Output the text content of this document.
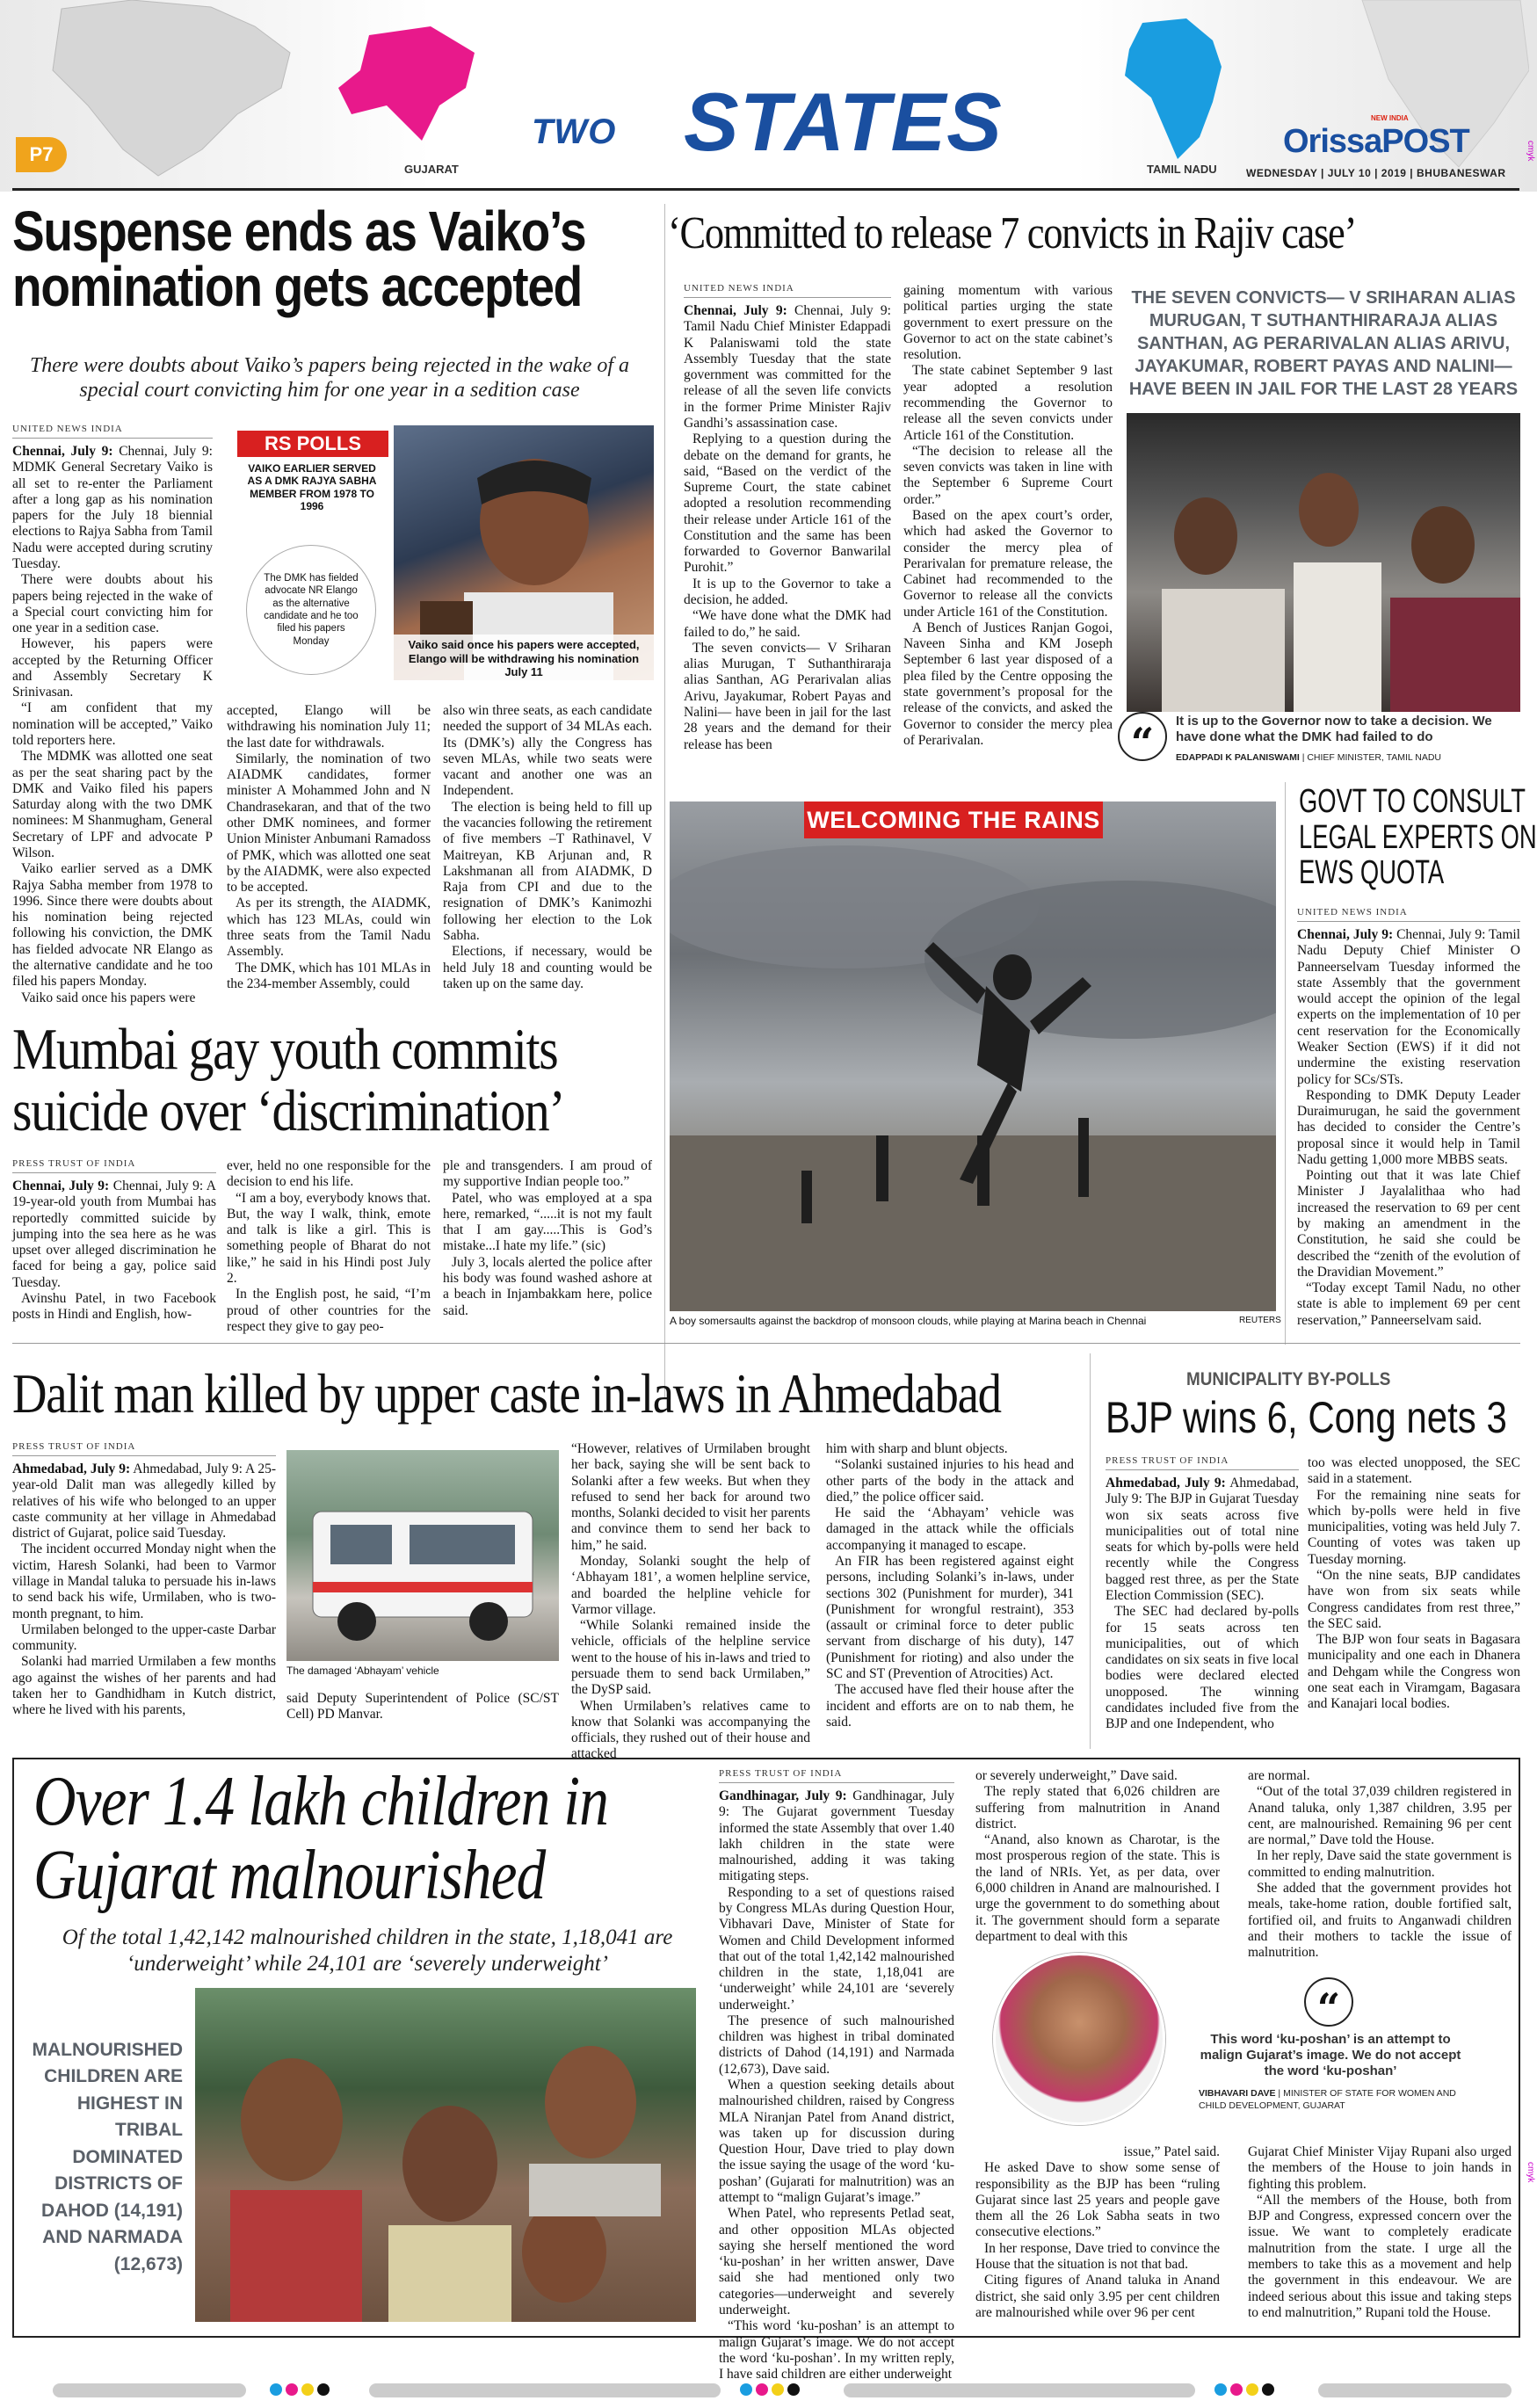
P7
GUJARAT
TWO STATES
TAMIL NADU
NEW INDIA
OrissaPOST
WEDNESDAY | JULY 10 | 2019 | BHUBANESWAR
cmyk
cmyk
Suspense ends as Vaiko’s nomination gets accepted
There were doubts about Vaiko’s papers being rejected in the wake of a special court convicting him for one year in a sedition case
UNITED NEWS INDIA

Chennai, July 9: Chennai, July 9: MDMK General Secretary Vaiko is all set to re-enter the Parliament after a long gap as his nomination papers for the July 18 biennial elections to Rajya Sabha from Tamil Nadu were accepted during scrutiny Tuesday.

There were doubts about his papers being rejected in the wake of a Special court convicting him for one year in a sedition case.

However, his papers were accepted by the Returning Officer and Assembly Secretary K Srinivasan.

“I am confident that my nomination will be accepted,” Vaiko told reporters here.

The MDMK was allotted one seat as per the seat sharing pact by the DMK and Vaiko filed his papers Saturday along with the two DMK nominees: M Shanmugham, General Secretary of LPF and advocate P Wilson.

Vaiko earlier served as a DMK Rajya Sabha member from 1978 to 1996. Since there were doubts about his nomination being rejected following his conviction, the DMK has fielded advocate NR Elango as the alternative candidate and he too filed his papers Monday.

Vaiko said once his papers were

RS POLLS
VAIKO EARLIER SERVED AS A DMK RAJYA SABHA MEMBER FROM 1978 TO 1996
The DMK has fielded advocate NR Elango as the alternative candidate and he too filed his papers Monday	Vaiko said once his papers were accepted, Elango will be withdrawing his nomination July 11

accepted, Elango will be withdrawing his nomination July 11; the last date for withdrawals.

Similarly, the nomination of two AIADMK candidates, former minister A Mohammed John and N Chandrasekaran, and that of the two other DMK nominees, and former Union Minister Anbumani Ramadoss of PMK, which was allotted one seat by the AIADMK, were also expected to be accepted.

As per its strength, the AIADMK, which has 123 MLAs, could win three seats from the Tamil Nadu Assembly.

The DMK, which has 101 MLAs in the 234-member Assembly, could

also win three seats, as each candidate needed the support of 34 MLAs each. Its (DMK’s) ally the Congress has seven MLAs, while two seats were vacant and another one was an Independent.

The election is being held to fill up the vacancies following the retirement of five members –T Rathinavel, V Maitreyan, KB Arjunan and, R Lakshmanan all from AIADMK, D Raja from CPI and due to the resignation of DMK’s Kanimozhi following her election to the Lok Sabha.

Elections, if necessary, would be held July 18 and counting would be taken up on the same day.

‘Committed to release 7 convicts in Rajiv case’
UNITED NEWS INDIA

Chennai, July 9: Chennai, July 9: Tamil Nadu Chief Minister Edappadi K Palaniswami told the state Assembly Tuesday that the state government was committed for the release of all the seven life convicts in the former Prime Minister Rajiv Gandhi’s assassination case.

Replying to a question during the debate on the demand for grants, he said, “Based on the verdict of the Supreme Court, the state cabinet adopted a resolution recommending their release under Article 161 of the Constitution and the same has been forwarded to Governor Banwarilal Purohit.”

It is up to the Governor to take a decision, he added.

“We have done what the DMK had failed to do,” he said.

The seven convicts— V Sriharan alias Murugan, T Suthanthiraraja alias Santhan, AG Perarivalan alias Arivu, Jayakumar, Robert Payas and Nalini— have been in jail for the last 28 years and the demand for their release has been

gaining momentum with various political parties urging the state government to exert pressure on the Governor to act on the state cabinet’s resolution.

The state cabinet September 9 last year adopted a resolution recommending the Governor to release all the seven convicts under Article 161 of the Constitution.

“The decision to release all the seven convicts was taken in line with the September 6 Supreme Court order.”

Based on the apex court’s order, which had asked the Governor to consider the mercy plea of Perarivalan for premature release, the Cabinet had recommended to the Governor to release all the convicts under Article 161 of the Constitution.

A Bench of Justices Ranjan Gogoi, Naveen Sinha and KM Joseph September 6 last year disposed of a plea filed by the Centre opposing the state government’s proposal for the release of the convicts, and asked the Governor to consider the mercy plea of Perarivalan.

THE SEVEN CONVICTS— V SRIHARAN ALIAS MURUGAN, T SUTHANTHIRARAJA ALIAS SANTHAN, AG PERARIVALAN ALIAS ARIVU, JAYAKUMAR, ROBERT PAYAS AND NALINI— HAVE BEEN IN JAIL FOR THE LAST 28 YEARS
“	It is up to the Governor now to take a decision. We have done what the DMK had failed to do
EDAPPADI K PALANISWAMI | CHIEF MINISTER, TAMIL NADU
WELCOMING THE RAINS
A boy somersaults against the backdrop of monsoon clouds, while playing at Marina beach in Chennai	REUTERS
GOVT TO CONSULT LEGAL EXPERTS ON EWS QUOTA
UNITED NEWS INDIA

Chennai, July 9: Chennai, July 9: Tamil Nadu Deputy Chief Minister O Panneerselvam Tuesday informed the state Assembly that the government would accept the opinion of the legal experts on the implementation of 10 per cent reservation for the Economically Weaker Section (EWS) if it did not undermine the existing reservation policy for SCs/STs.

Responding to DMK Deputy Leader Duraimurugan, he said the government has decided to consider the Centre’s proposal since it would help in Tamil Nadu getting 1,000 more MBBS seats.

Pointing out that it was late Chief Minister J Jayalalithaa who had increased the reservation to 69 per cent by making an amendment in the Constitution, he said she could be described the “zenith of the evolution of the Dravidian Movement.”

“Today except Tamil Nadu, no other state is able to implement 69 per cent reservation,” Panneerselvam said.

Mumbai gay youth commits suicide over ‘discrimination’
PRESS TRUST OF INDIA

Chennai, July 9: Chennai, July 9: A 19-year-old youth from Mumbai has reportedly committed suicide by jumping into the sea here as he was upset over alleged discrimination he faced for being a gay, police said Tuesday.

Avinshu Patel, in two Facebook posts in Hindi and English, how-

ever, held no one responsible for the decision to end his life.

“I am a boy, everybody knows that. But, the way I walk, think, emote and talk is like a girl. This is something people of Bharat do not like,” he said in his Hindi post July 2.

In the English post, he said, “I’m proud of other countries for the respect they give to gay peo-

ple and transgenders. I am proud of my supportive Indian people too.”

Patel, who was employed at a spa here, remarked, “.....it is not my fault that I am gay.....This is God’s mistake...I hate my life.” (sic)

July 3, locals alerted the police after his body was found washed ashore at a beach in Injambakkam here, police said.

Dalit man killed by upper caste in-laws in Ahmedabad
PRESS TRUST OF INDIA

Ahmedabad, July 9: Ahmedabad, July 9: A 25-year-old Dalit man was allegedly killed by relatives of his wife who belonged to an upper caste community at her village in Ahmedabad district of Gujarat, police said Tuesday.

The incident occurred Monday night when the victim, Haresh Solanki, had been to Varmor village in Mandal taluka to persuade his in-laws to send back his wife, Urmilaben, who is two-month pregnant, to him.

Urmilaben belonged to the upper-caste Darbar community.

Solanki had married Urmilaben a few months ago against the wishes of her parents and had taken her to Gandhidham in Kutch district, where he lived with his parents,

The damaged ‘Abhayam’ vehicle

said Deputy Superintendent of Police (SC/ST Cell) PD Manvar.

“However, relatives of Urmilaben brought her back, saying she will be sent back to Solanki after a few weeks. But when they refused to send her back for around two months, Solanki decided to visit her parents and convince them to send her back to him,” he said.

Monday, Solanki sought the help of ‘Abhayam 181’, a women helpline service, and boarded the helpline vehicle for Varmor village.

“While Solanki remained inside the vehicle, officials of the helpline service went to the house of his in-laws and tried to persuade them to send back Urmilaben,” the DySP said.

When Urmilaben’s relatives came to know that Solanki was accompanying the officials, they rushed out of their house and attacked

him with sharp and blunt objects.

“Solanki sustained injuries to his head and other parts of the body in the attack and died,” the police officer said.

He said the ‘Abhayam’ vehicle was damaged in the attack while the officials accompanying it managed to escape.

An FIR has been registered against eight persons, including Solanki’s in-laws, under sections 302 (Punishment for murder), 341 (Punishment for wrongful restraint), 353 (assault or criminal force to deter public servant from discharge of his duty), 147 (Punishment for rioting) and also under the SC and ST (Prevention of Atrocities) Act.

The accused have fled their house after the incident and efforts are on to nab them, he said.

MUNICIPALITY BY-POLLS
BJP wins 6, Cong nets 3
PRESS TRUST OF INDIA

Ahmedabad, July 9: Ahmedabad, July 9: The BJP in Gujarat Tuesday won six seats across five municipalities out of total nine seats for which by-polls were held recently while the Congress bagged rest three, as per the State Election Commission (SEC).

The SEC had declared by-polls for 15 seats across ten municipalities, out of which candidates on six seats in five local bodies were declared elected unopposed. The winning candidates included five from the BJP and one Independent, who

too was elected unopposed, the SEC said in a statement.

For the remaining nine seats for which by-polls were held in five municipalities, voting was held July 7. Counting of votes was taken up Tuesday morning.

“On the nine seats, BJP candidates have won from six seats while Congress candidates from rest three,” the SEC said.

The BJP won four seats in Bagasara municipality and one each in Dhanera and Dehgam while the Congress won one seat each in Viramgam, Bagasara and Kanajari local bodies.

Over 1.4 lakh children in
Gujarat malnourished
Of the total 1,42,142 malnourished children in the state, 1,18,041 are ‘underweight’ while 24,101 are ‘severely underweight’
MALNOURISHED CHILDREN ARE HIGHEST IN TRIBAL DOMINATED DISTRICTS OF DAHOD (14,191) AND NARMADA (12,673)
PRESS TRUST OF INDIA

Gandhinagar, July 9: Gandhinagar, July 9: The Gujarat government Tuesday informed the state Assembly that over 1.40 lakh children in the state were malnourished, adding it was taking mitigating steps.

Responding to a set of questions raised by Congress MLAs during Question Hour, Vibhavari Dave, Minister of State for Women and Child Development informed that out of the total 1,42,142 malnourished children in the state, 1,18,041 are ‘underweight’ while 24,101 are ‘severely underweight.’

The presence of such malnourished children was highest in tribal dominated districts of Dahod (14,191) and Narmada (12,673), Dave said.

When a question seeking details about malnourished children, raised by Congress MLA Niranjan Patel from Anand district, was taken up for discussion during Question Hour, Dave tried to play down the issue saying the usage of the word ‘ku-poshan’ (Gujarati for malnutrition) was an attempt to “malign Gujarat’s image.”

When Patel, who represents Petlad seat, and other opposition MLAs objected saying she herself mentioned the word ‘ku-poshan’ in her written answer, Dave said she had mentioned only two categories—underweight and severely underweight.

“This word ‘ku-poshan’ is an attempt to malign Gujarat’s image. We do not accept the word ‘ku-poshan’. In my written reply, I have said children are either underweight

or severely underweight,” Dave said.

The reply stated that 6,026 children are suffering from malnutrition in Anand district.

“Anand, also known as Charotar, is the most prosperous region of the state. This is the land of NRIs. Yet, as per data, over 6,000 children in Anand are malnourished. I urge the government to do something about it. The government should form a separate department to deal with this

are normal.

“Out of the total 37,039 children registered in Anand taluka, only 1,387 children, 3.95 per cent, are malnourished. Remaining 96 per cent are normal,” Dave told the House.

In her reply, Dave said the state government is committed to ending malnutrition.

She added that the government provides hot meals, take-home ration, double fortified salt, fortified oil, and fruits to Anganwadi children and their mothers to tackle the issue of malnutrition.

“
This word ‘ku-poshan’ is an attempt to malign Gujarat’s image. We do not accept the word ‘ku-poshan’
VIBHAVARI DAVE | MINISTER OF STATE FOR WOMEN AND CHILD DEVELOPMENT, GUJARAT

issue,” Patel said.

He asked Dave to show some sense of responsibility as the BJP has been “ruling Gujarat since last 25 years and people gave them all the 26 Lok Sabha seats in two consecutive elections.”

In her response, Dave tried to convince the House that the situation is not that bad.

Citing figures of Anand taluka in Anand district, she said only 3.95 per cent children are malnourished while over 96 per cent

Gujarat Chief Minister Vijay Rupani also urged the members of the House to join hands in fighting this problem.

“All the members of the House, both from BJP and Congress, expressed concern over the issue. We want to completely eradicate malnutrition from the state. I urge all the members to take this as a movement and help the government in this endeavour. We are indeed serious about this issue and taking steps to end malnutrition,” Rupani told the House.
